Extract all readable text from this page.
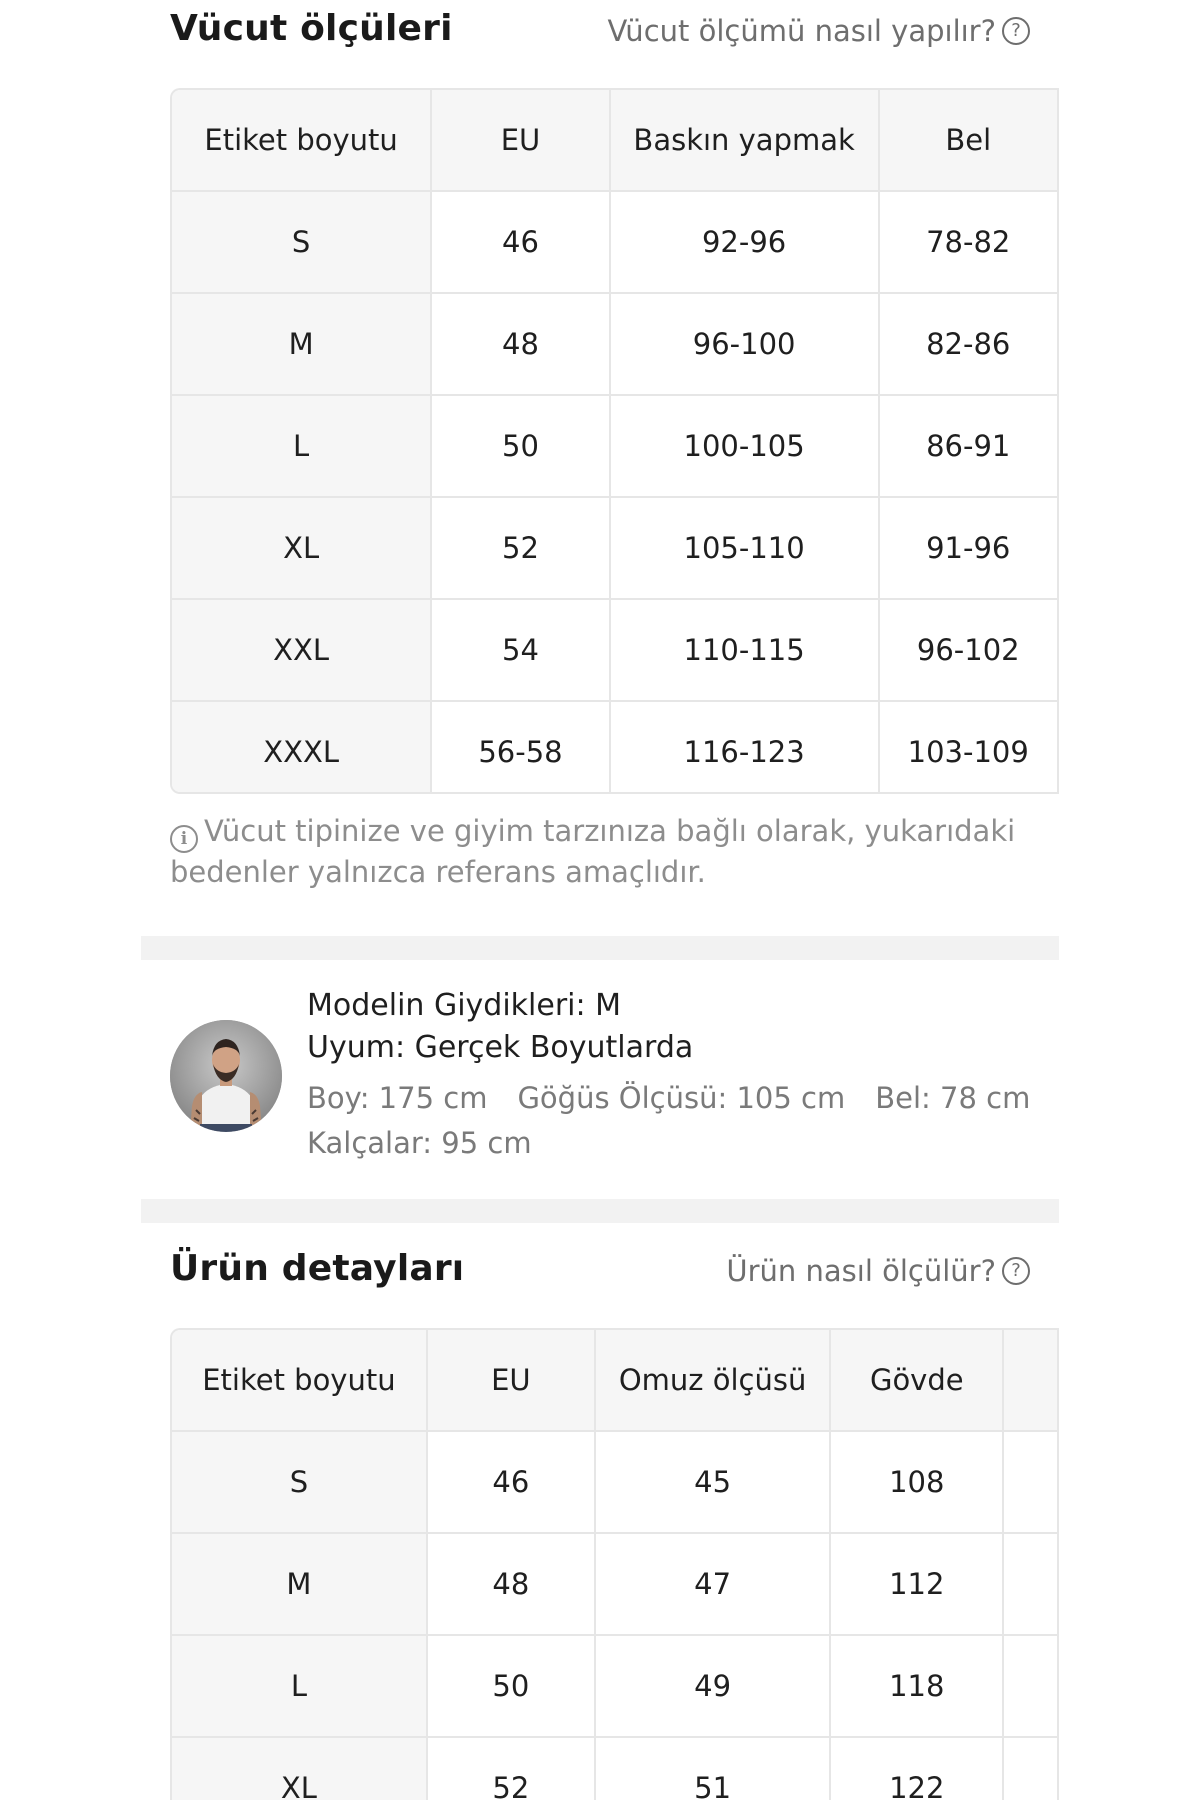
Vücut ölçüleri	Vücut ölçümü nasıl yapılır? ?
Etiket boyutu	EU	Baskın yapmak	Bel
S	46	92-96	78-82
M	48	96-100	82-86
L	50	100-105	86-91
XL	52	105-110	91-96
XXL	54	110-115	96-102
XXXL	56-58	116-123	103-109
i Vücut tipinize ve giyim tarzınıza bağlı olarak, yukarıdaki bedenler yalnızca referans amaçlıdır.
Modelin Giydikleri: M
Uyum: Gerçek Boyutlarda
Boy: 175 cm Göğüs Ölçüsü: 105 cm Bel: 78 cm
Kalçalar: 95 cm
Ürün detayları	Ürün nasıl ölçülür? ?
Etiket boyutu	EU	Omuz ölçüsü	Gövde	
S	46	45	108	
M	48	47	112	
L	50	49	118	
XL	52	51	122	
